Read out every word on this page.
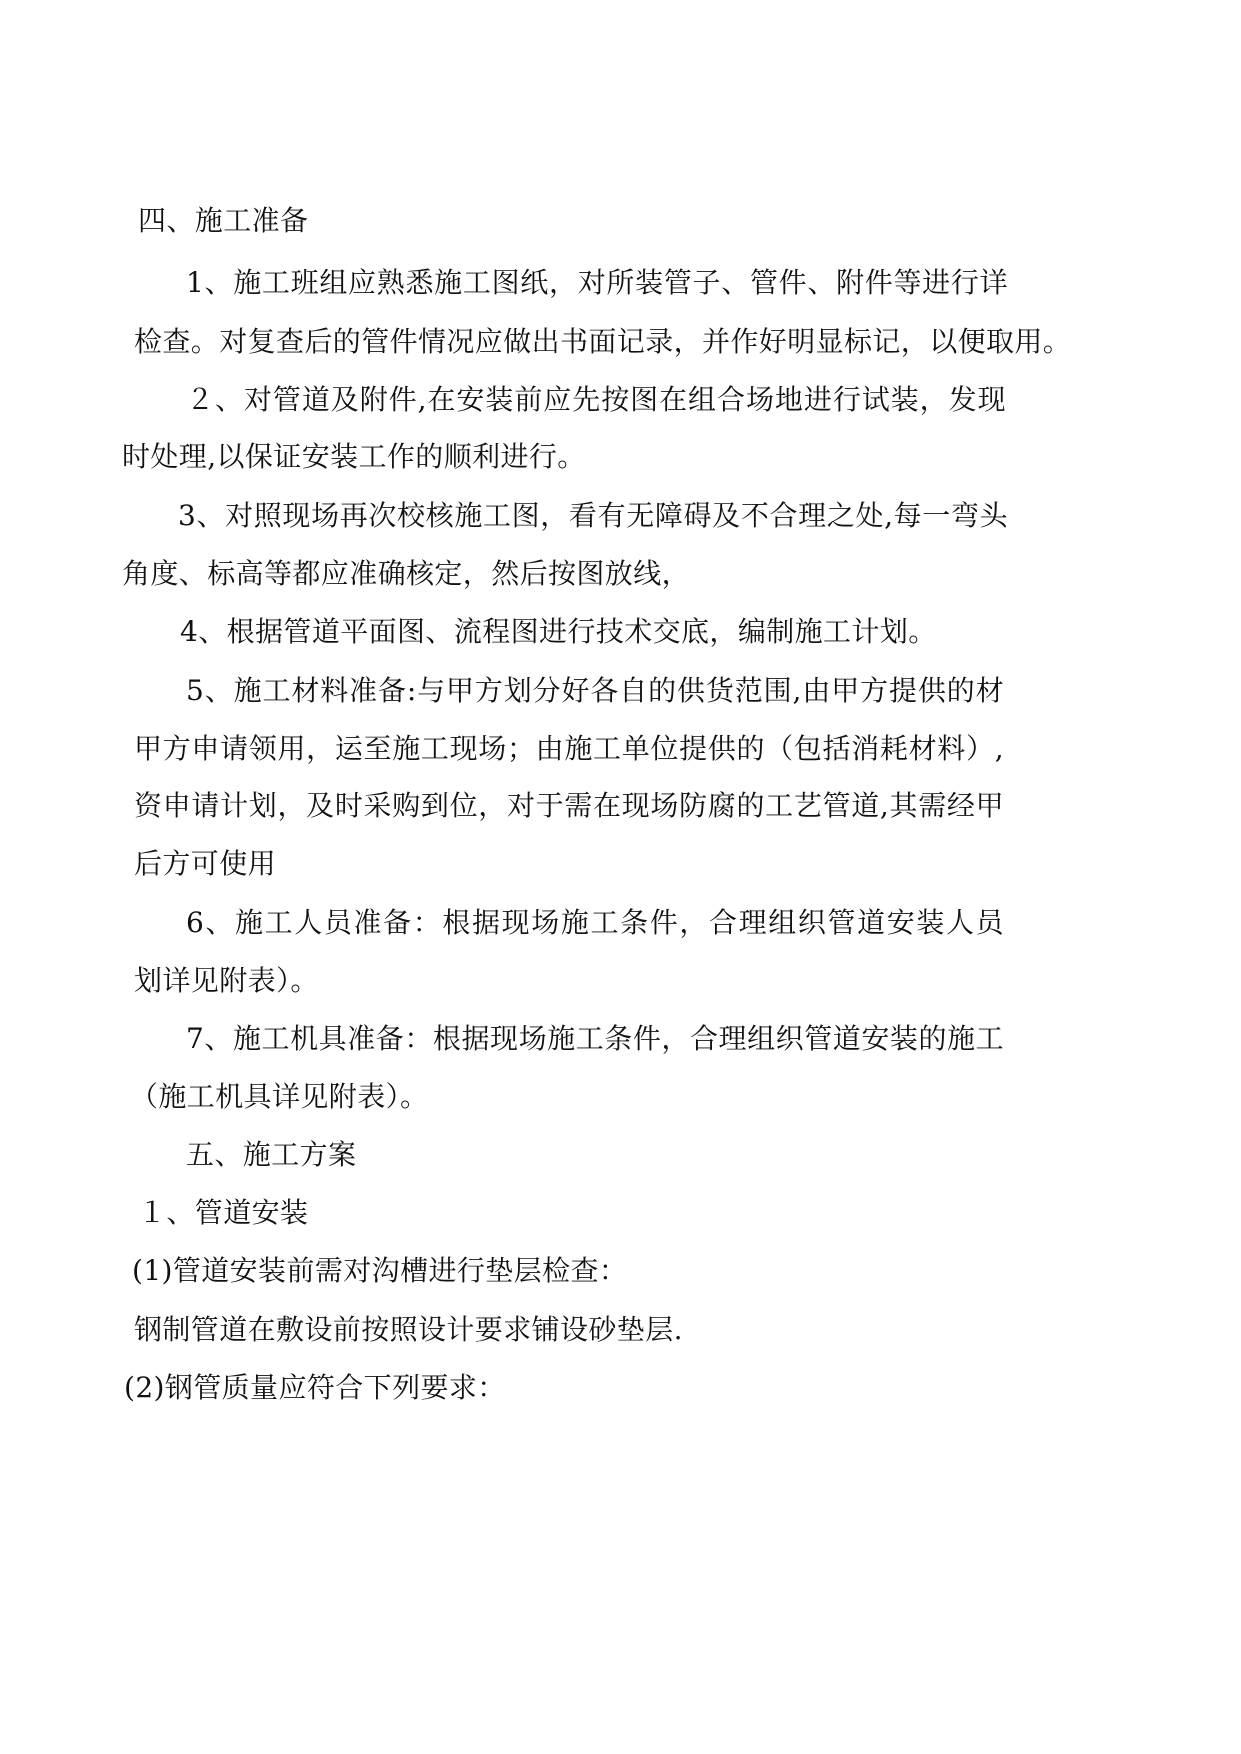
四、施工准备
1、施工班组应熟悉施工图纸，对所装管子、管件、附件等进行详
检查。对复查后的管件情况应做出书面记录，并作好明显标记，以便取用。
２、对管道及附件,在安装前应先按图在组合场地进行试装，发现
时处理,以保证安装工作的顺利进行。
3、对照现场再次校核施工图，看有无障碍及不合理之处,每一弯头
角度、标高等都应准确核定，然后按图放线，
4、根据管道平面图、流程图进行技术交底，编制施工计划。
5、施工材料准备:与甲方划分好各自的供货范围,由甲方提供的材
甲方申请领用，运至施工现场；由施工单位提供的（包括消耗材料）,
资申请计划，及时采购到位，对于需在现场防腐的工艺管道,其需经甲
后方可使用
6、施工人员准备：根据现场施工条件，合理组织管道安装人员
划详见附表）。
7、施工机具准备：根据现场施工条件，合理组织管道安装的施工
（施工机具详见附表）。
五、施工方案
１、管道安装
(1)管道安装前需对沟槽进行垫层检查：
钢制管道在敷设前按照设计要求铺设砂垫层.
(2)钢管质量应符合下列要求：
